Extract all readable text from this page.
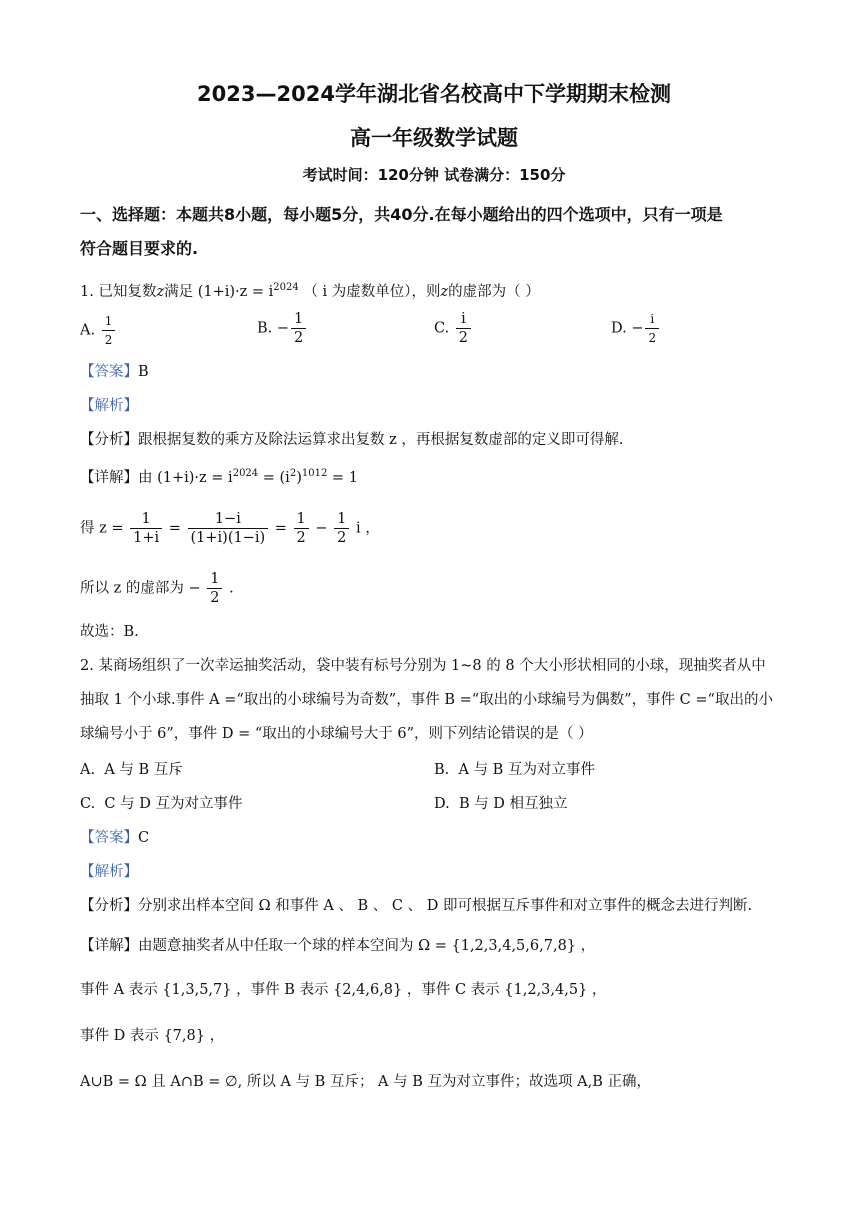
2023—2024学年湖北省名校高中下学期期末检测
高一年级数学试题
考试时间：120分钟 试卷满分：150分
一、选择题：本题共8小题，每小题5分，共40分.在每小题给出的四个选项中，只有一项是
符合题目要求的.
1. 已知复数z满足 $(1+i)\cdot z = i^{2024}$ （ i 为虚数单位），则z的虚部为（ ）
A. $\frac{1}{2}$	B. − $\frac{1}{2}$	C. $\frac{i}{2}$	D. − $\frac{i}{2}$
【答案】B
【解析】
【分析】跟根据复数的乘方及除法运算求出复数 z ，再根据复数虚部的定义即可得解.
【详解】由 $(1+i)\cdot z = i^{2024} = (i^2)^{1012} = 1$
得 $z = \frac{1}{1+i} = \frac{1-i}{(1+i)(1-i)} = \frac{1}{2} - \frac{1}{2}$ i ，
所以 z 的虚部为 − $\frac{1}{2}$ .
故选：B.
2. 某商场组织了一次幸运抽奖活动，袋中装有标号分别为 1~8 的 8 个大小形状相同的小球，现抽奖者从中
抽取 1 个小球.事件 A =“取出的小球编号为奇数”，事件 B =“取出的小球编号为偶数”，事件 C =“取出的小
球编号小于 6”，事件 D = “取出的小球编号大于 6”，则下列结论错误的是（ ）
A. A 与 B 互斥	B. A 与 B 互为对立事件
C. C 与 D 互为对立事件	D. B 与 D 相互独立
【答案】C
【解析】
【分析】分别求出样本空间 Ω 和事件 A 、 B 、 C 、 D 即可根据互斥事件和对立事件的概念去进行判断.
【详解】由题意抽奖者从中任取一个球的样本空间为 Ω = {1,2,3,4,5,6,7,8} ，
事件 A 表示 {1,3,5,7} ，事件 B 表示 {2,4,6,8} ，事件 C 表示 {1,2,3,4,5} ，
事件 D 表示 {7,8} ，
A∪B = Ω 且 A∩B = ∅, 所以 A 与 B 互斥； A 与 B 互为对立事件；故选项 A,B 正确，
